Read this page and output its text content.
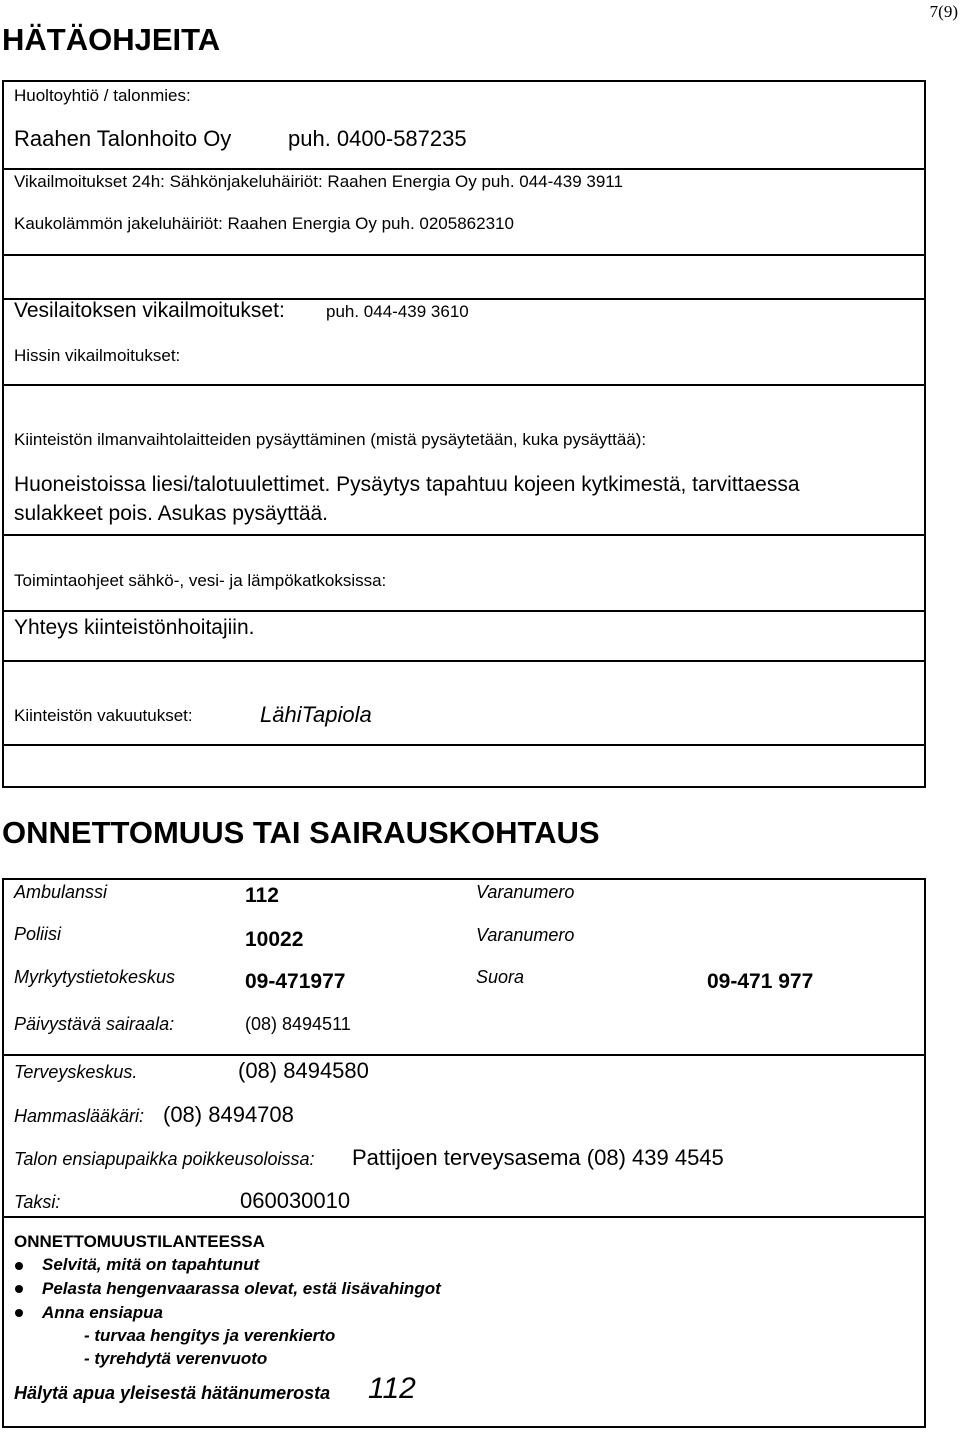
7(9)
HÄTÄOHJEITA
Huoltoyhtiö / talonmies:
Raahen Talonhoito Oy	puh. 0400-587235
Vikailmoitukset 24h: Sähkönjakeluhäiriöt: Raahen Energia Oy puh. 044-439 3911
Kaukolämmön jakeluhäiriöt: Raahen Energia Oy puh. 0205862310
Vesilaitoksen vikailmoitukset: puh. 044-439 3610
Hissin vikailmoitukset:
Kiinteistön ilmanvaihtolaitteiden pysäyttäminen (mistä pysäytetään, kuka pysäyttää):
Huoneistoissa liesi/talotuulettimet. Pysäytys tapahtuu kojeen kytkimestä, tarvittaessa
sulakkeet pois. Asukas pysäyttää.
Toimintaohjeet sähkö-, vesi- ja lämpökatkoksissa:
Yhteys kiinteistönhoitajiin.
Kiinteistön vakuutukset:	LähiTapiola
ONNETTOMUUS TAI SAIRAUSKOHTAUS
Ambulanssi	112	Varanumero
Poliisi	10022	Varanumero
Myrkytystietokeskus	09-471977	Suora	09-471 977
Päivystävä sairaala:	(08) 8494511
Terveyskeskus.	(08) 8494580
Hammaslääkäri: (08) 8494708
Talon ensiapupaikka poikkeusoloissa: Pattijoen terveysasema (08) 439 4545
Taksi:	060030010
ONNETTOMUUSTILANTEESSA
Selvitä, mitä on tapahtunut
Pelasta hengenvaarassa olevat, estä lisävahingot
Anna ensiapua
- turvaa hengitys ja verenkierto
- tyrehdytä verenvuoto
Hälytä apua yleisestä hätänumerosta 112
